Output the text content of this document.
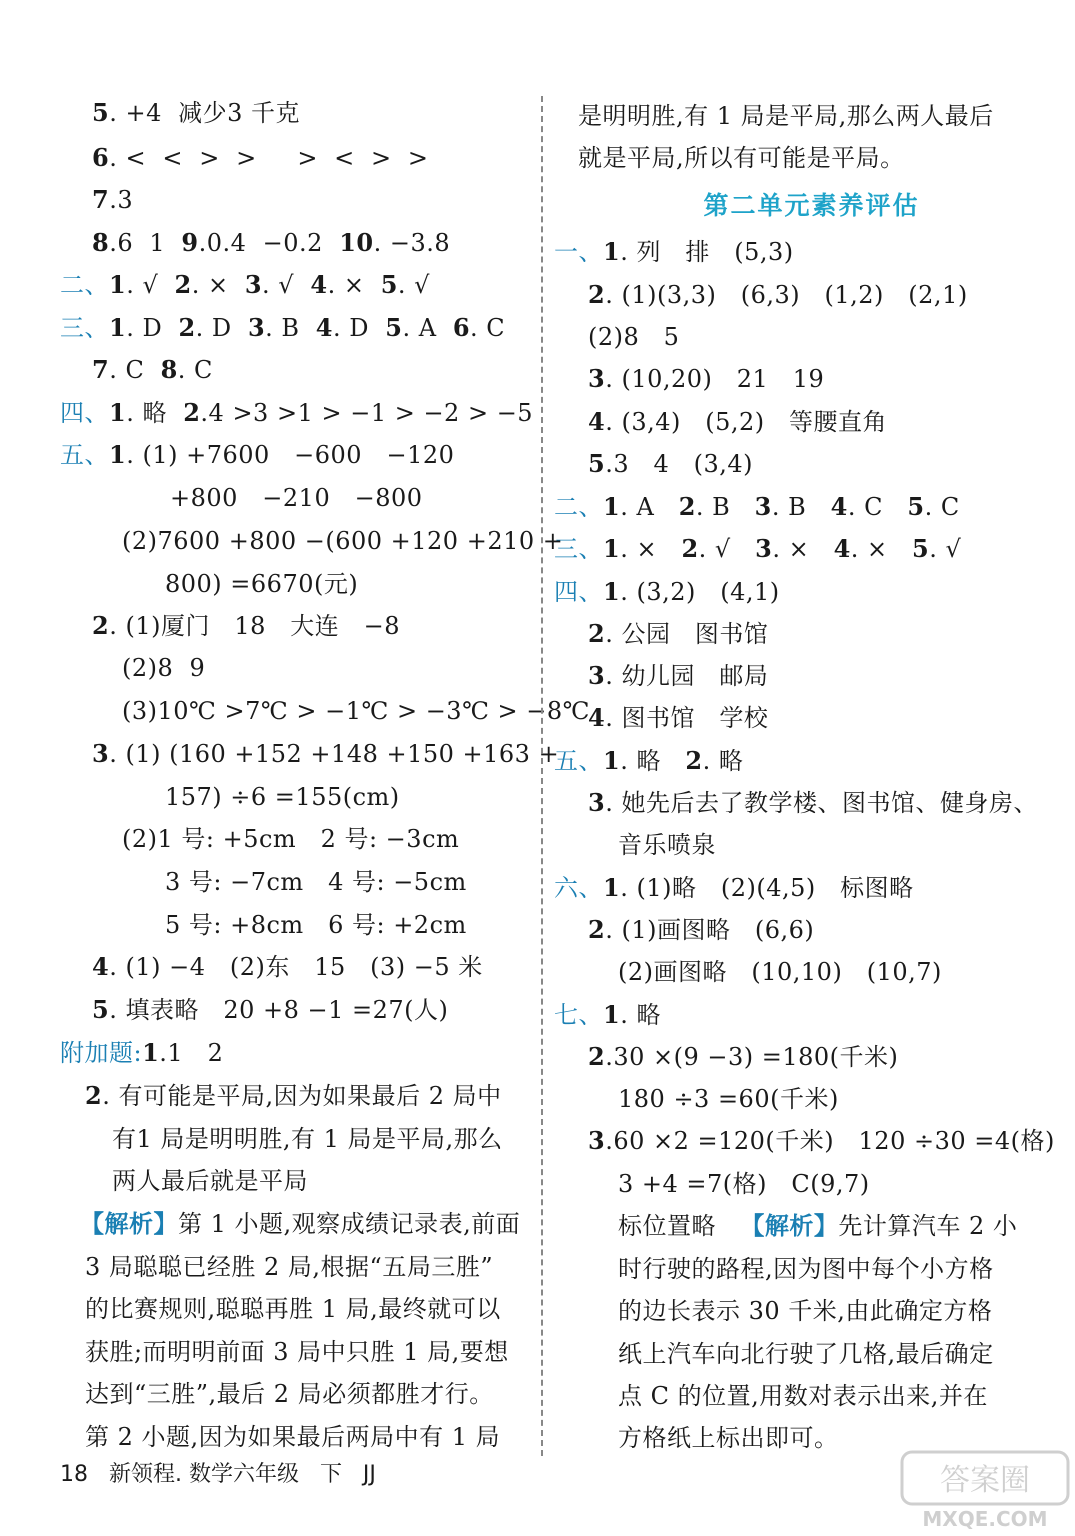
5. +4  减少3 千克
6. <  <  >  >     >  <  >  >
7.3
8.6  1  9.0.4  −0.2  10. −3.8
二、1. √  2. ×  3. √  4. ×  5. √
三、1. D  2. D  3. B  4. D  5. A  6. C
7. C  8. C
四、1. 略  2.4 >3 >1 > −1 > −2 > −5
五、1. (1) +7600   −600   −120
+800   −210   −800
(2)7600 +800 −(600 +120 +210 +
800) =6670(元)
2. (1)厦门   18   大连   −8
(2)8  9
(3)10℃ >7℃ > −1℃ > −3℃ > −8℃
3. (1) (160 +152 +148 +150 +163 +
157) ÷6 =155(cm)
(2)1 号: +5cm   2 号: −3cm
3 号: −7cm   4 号: −5cm
5 号: +8cm   6 号: +2cm
4. (1) −4   (2)东   15   (3) −5 米
5. 填表略   20 +8 −1 =27(人)
附加题:1.1   2
2. 有可能是平局,因为如果最后 2 局中
有1 局是明明胜,有 1 局是平局,那么
两人最后就是平局
【解析】第 1 小题,观察成绩记录表,前面
3 局聪聪已经胜 2 局,根据“五局三胜”
的比赛规则,聪聪再胜 1 局,最终就可以
获胜;而明明前面 3 局中只胜 1 局,要想
达到“三胜”,最后 2 局必须都胜才行。
第 2 小题,因为如果最后两局中有 1 局
第二单元素养评估
是明明胜,有 1 局是平局,那么两人最后
就是平局,所以有可能是平局。
一、1. 列   排   (5,3)
2. (1)(3,3)   (6,3)   (1,2)   (2,1)
(2)8   5
3. (10,20)   21   19
4. (3,4)   (5,2)   等腰直角
5.3   4   (3,4)
二、1. A   2. B   3. B   4. C   5. C
三、1. ×   2. √   3. ×   4. ×   5. √
四、1. (3,2)   (4,1)
2. 公园   图书馆
3. 幼儿园   邮局
4. 图书馆   学校
五、1. 略   2. 略
3. 她先后去了教学楼、图书馆、健身房、
音乐喷泉
六、1. (1)略   (2)(4,5)   标图略
2. (1)画图略   (6,6)
(2)画图略   (10,10)   (10,7)
七、1. 略
2.30 ×(9 −3) =180(千米)
180 ÷3 =60(千米)
3.60 ×2 =120(千米)   120 ÷30 =4(格)
3 +4 =7(格)   C(9,7)
标位置略   【解析】先计算汽车 2 小
时行驶的路程,因为图中每个小方格
的边长表示 30 千米,由此确定方格
纸上汽车向北行驶了几格,最后确定
点 C 的位置,用数对表示出来,并在
方格纸上标出即可。
18   新领程. 数学六年级   下   JJ	答案圈
MXQE.COM
